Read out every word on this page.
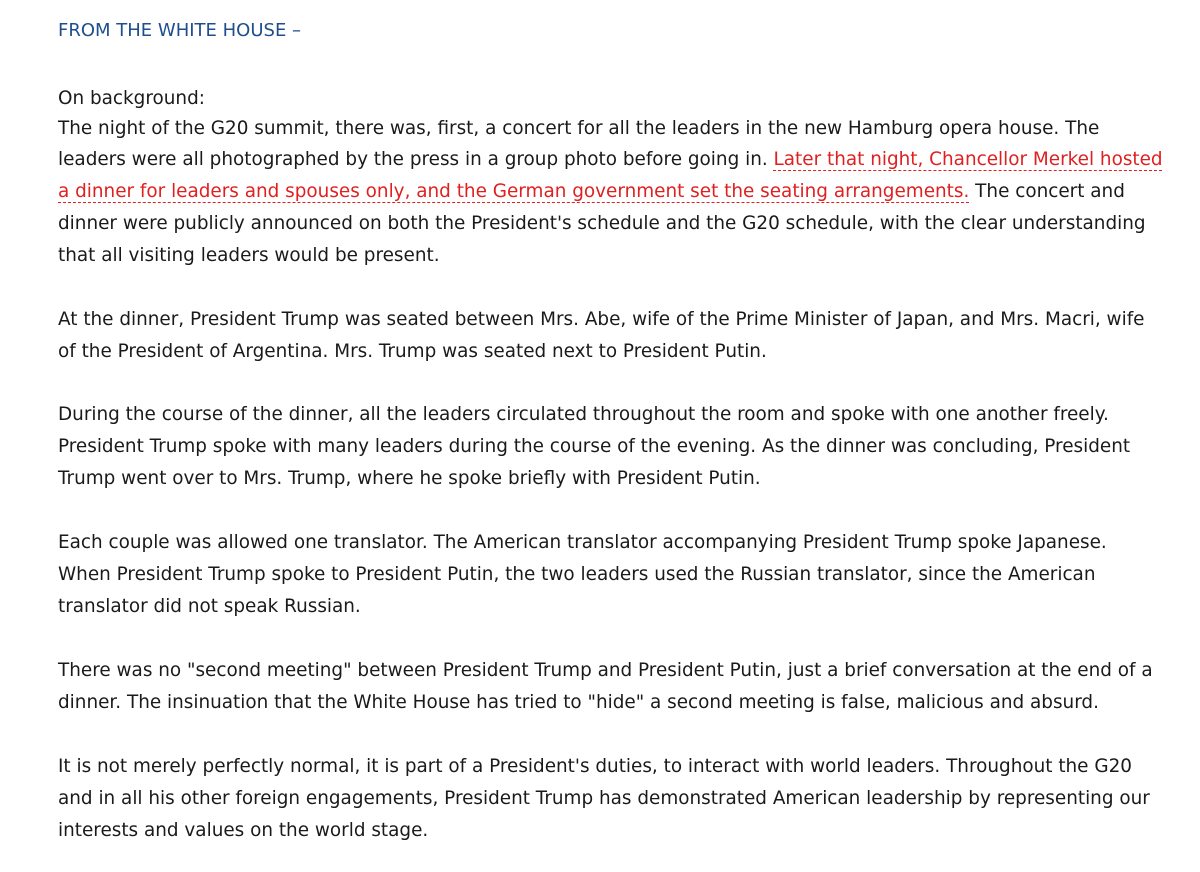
FROM THE WHITE HOUSE –
On background:
The night of the G20 summit, there was, first, a concert for all the leaders in the new Hamburg opera house. The
leaders were all photographed by the press in a group photo before going in. Later that night, Chancellor Merkel hosted
a dinner for leaders and spouses only, and the German government set the seating arrangements. The concert and
dinner were publicly announced on both the President's schedule and the G20 schedule, with the clear understanding
that all visiting leaders would be present.
At the dinner, President Trump was seated between Mrs. Abe, wife of the Prime Minister of Japan, and Mrs. Macri, wife
of the President of Argentina. Mrs. Trump was seated next to President Putin.
During the course of the dinner, all the leaders circulated throughout the room and spoke with one another freely.
President Trump spoke with many leaders during the course of the evening. As the dinner was concluding, President
Trump went over to Mrs. Trump, where he spoke briefly with President Putin.
Each couple was allowed one translator. The American translator accompanying President Trump spoke Japanese.
When President Trump spoke to President Putin, the two leaders used the Russian translator, since the American
translator did not speak Russian.
There was no "second meeting" between President Trump and President Putin, just a brief conversation at the end of a
dinner. The insinuation that the White House has tried to "hide" a second meeting is false, malicious and absurd.
It is not merely perfectly normal, it is part of a President's duties, to interact with world leaders. Throughout the G20
and in all his other foreign engagements, President Trump has demonstrated American leadership by representing our
interests and values on the world stage.
